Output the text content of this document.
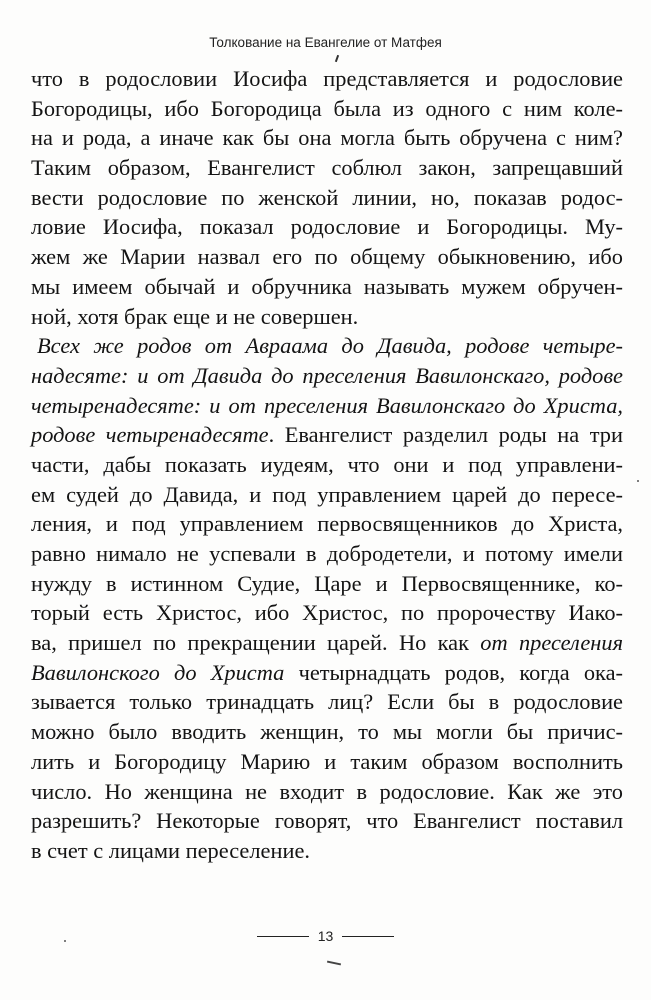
Толкование на Евангелие от Матфея
что в родословии Иосифа представляется и родословие
Богородицы, ибо Богородица была из одного с ним коле-
на и рода, а иначе как бы она могла быть обручена с ним?
Таким образом, Евангелист соблюл закон, запрещавший
вести родословие по женской линии, но, показав родос-
ловие Иосифа, показал родословие и Богородицы. Му-
жем же Марии назвал его по общему обыкновению, ибо
мы имеем обычай и обручника называть мужем обручен-
ной, хотя брак еще и не совершен.
Всех же родов от Авраама до Давида, родове четыре-
надесяте: и от Давида до преселения Вавилонскаго, родове
четыренадесяте: и от преселения Вавилонскаго до Христа,
родове четыренадесяте. Евангелист разделил роды на три
части, дабы показать иудеям, что они и под управлени-
ем судей до Давида, и под управлением царей до пересе-
ления, и под управлением первосвященников до Христа,
равно нимало не успевали в добродетели, и потому имели
нужду в истинном Судие, Царе и Первосвященнике, ко-
торый есть Христос, ибо Христос, по пророчеству Иако-
ва, пришел по прекращении царей. Но как от преселения
Вавилонского до Христа четырнадцать родов, когда ока-
зывается только тринадцать лиц? Если бы в родословие
можно было вводить женщин, то мы могли бы причис-
лить и Богородицу Марию и таким образом восполнить
число. Но женщина не входит в родословие. Как же это
разрешить? Некоторые говорят, что Евангелист поставил
в счет с лицами переселение.
13
